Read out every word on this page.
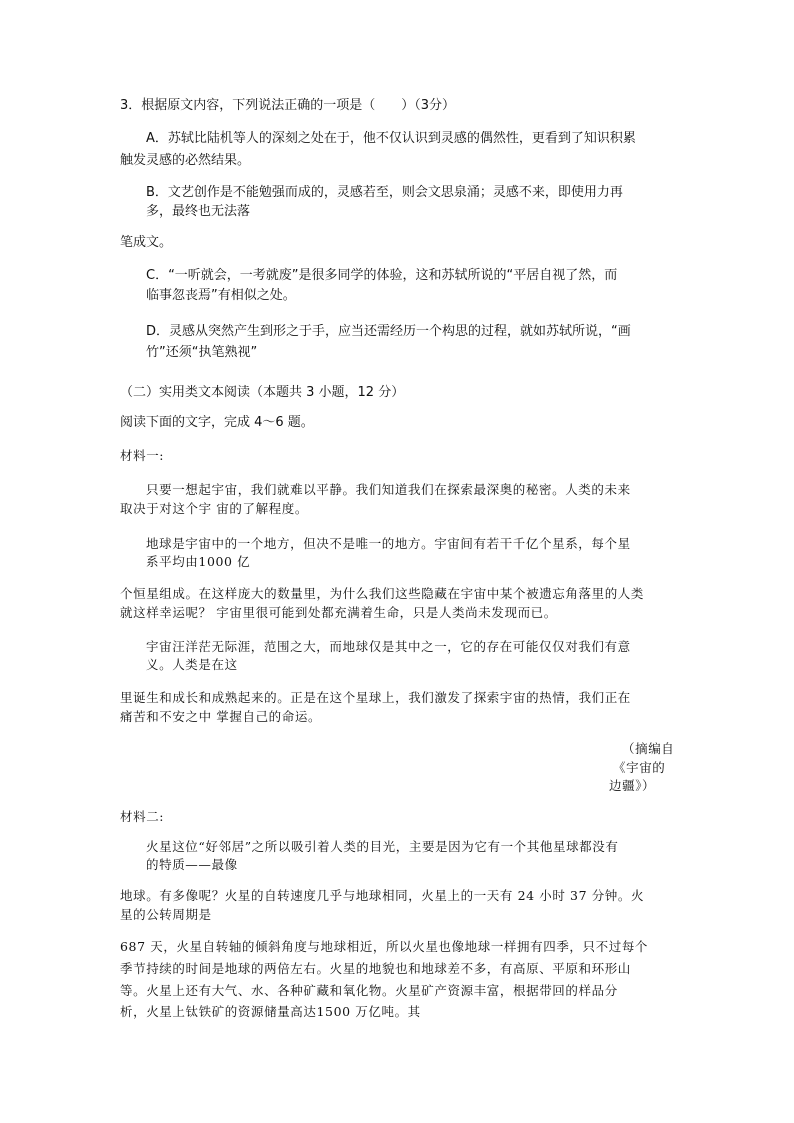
3．根据原文内容，下列说法正确的一项是（　　）（3分）
A．苏轼比陆机等人的深刻之处在于，他不仅认识到灵感的偶然性，更看到了知识积累
触发灵感的必然结果。
B．文艺创作是不能勉强而成的，灵感若至，则会文思泉涌；灵感不来，即使用力再
多，最终也无法落
笔成文。
C．“一听就会，一考就废”是很多同学的体验，这和苏轼所说的“平居自视了然，而
临事忽丧焉”有相似之处。
D．灵感从突然产生到形之于手，应当还需经历一个构思的过程，就如苏轼所说，“画
竹”还须“执笔熟视”
（二）实用类文本阅读（本题共 3 小题，12 分）
阅读下面的文字，完成 4～6 题。
材料一:
只要一想起宇宙，我们就难以平静。我们知道我们在探索最深奥的秘密。人类的未来
取决于对这个宇 宙的了解程度。
地球是宇宙中的一个地方，但决不是唯一的地方。宇宙间有若干千亿个星系，每个星
系平均由1000 亿
个恒星组成。在这样庞大的数量里，为什么我们这些隐藏在宇宙中某个被遗忘角落里的人类
就这样幸运呢？ 宇宙里很可能到处都充满着生命，只是人类尚未发现而已。
宇宙汪洋茫无际涯，范围之大，而地球仅是其中之一，它的存在可能仅仅对我们有意
义。人类是在这
里诞生和成长和成熟起来的。正是在这个星球上，我们激发了探索宇宙的热情，我们正在
痛苦和不安之中 掌握自己的命运。
（摘编自
《宇宙的
边疆》）
材料二:
火星这位“好邻居”之所以吸引着人类的目光，主要是因为它有一个其他星球都没有
的特质——最像
地球。有多像呢？火星的自转速度几乎与地球相同，火星上的一天有 24 小时 37 分钟。火
星的公转周期是
687 天，火星自转轴的倾斜角度与地球相近，所以火星也像地球一样拥有四季，只不过每个
季节持续的时间是地球的两倍左右。火星的地貌也和地球差不多，有高原、平原和环形山
等。火星上还有大气、水、各种矿藏和氧化物。火星矿产资源丰富，根据带回的样品分
析，火星上钛铁矿的资源储量高达1500 万亿吨。其
